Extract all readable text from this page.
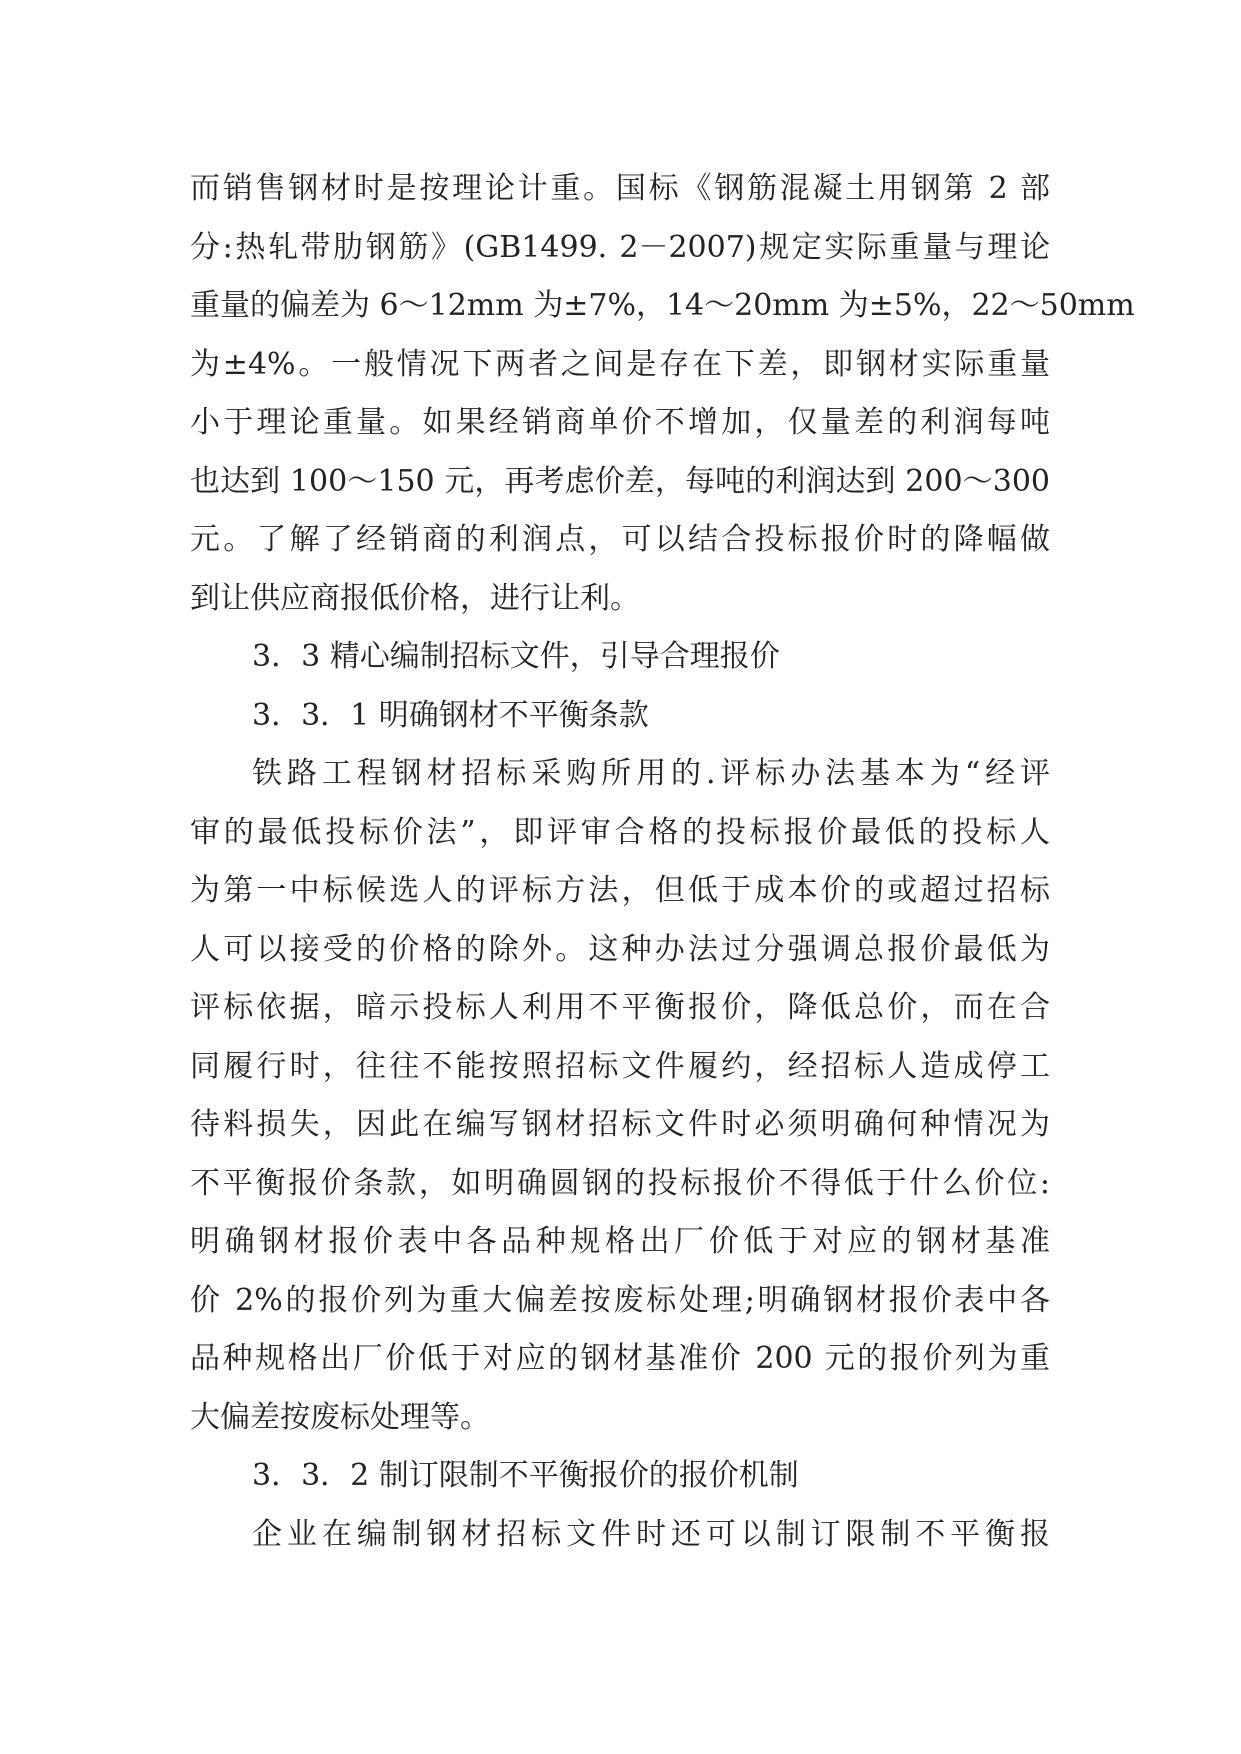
而销售钢材时是按理论计重。国标《钢筋混凝土用钢第 2 部
分:热轧带肋钢筋》(GB1499. 2－2007)规定实际重量与理论
重量的偏差为 6～12mm 为±7%，14～20mm 为±5%，22～50mm
为±4%。一般情况下两者之间是存在下差，即钢材实际重量
小于理论重量。如果经销商单价不增加，仅量差的利润每吨
也达到 100～150 元，再考虑价差，每吨的利润达到 200～300
元。了解了经销商的利润点，可以结合投标报价时的降幅做
到让供应商报低价格，进行让利。
3．3 精心编制招标文件，引导合理报价
3．3．1 明确钢材不平衡条款
铁路工程钢材招标采购所用的.评标办法基本为“经评
审的最低投标价法”，即评审合格的投标报价最低的投标人
为第一中标候选人的评标方法，但低于成本价的或超过招标
人可以接受的价格的除外。这种办法过分强调总报价最低为
评标依据，暗示投标人利用不平衡报价，降低总价，而在合
同履行时，往往不能按照招标文件履约，经招标人造成停工
待料损失，因此在编写钢材招标文件时必须明确何种情况为
不平衡报价条款，如明确圆钢的投标报价不得低于什么价位:
明确钢材报价表中各品种规格出厂价低于对应的钢材基准
价 2%的报价列为重大偏差按废标处理;明确钢材报价表中各
品种规格出厂价低于对应的钢材基准价 200 元的报价列为重
大偏差按废标处理等。
3．3．2 制订限制不平衡报价的报价机制
企业在编制钢材招标文件时还可以制订限制不平衡报
